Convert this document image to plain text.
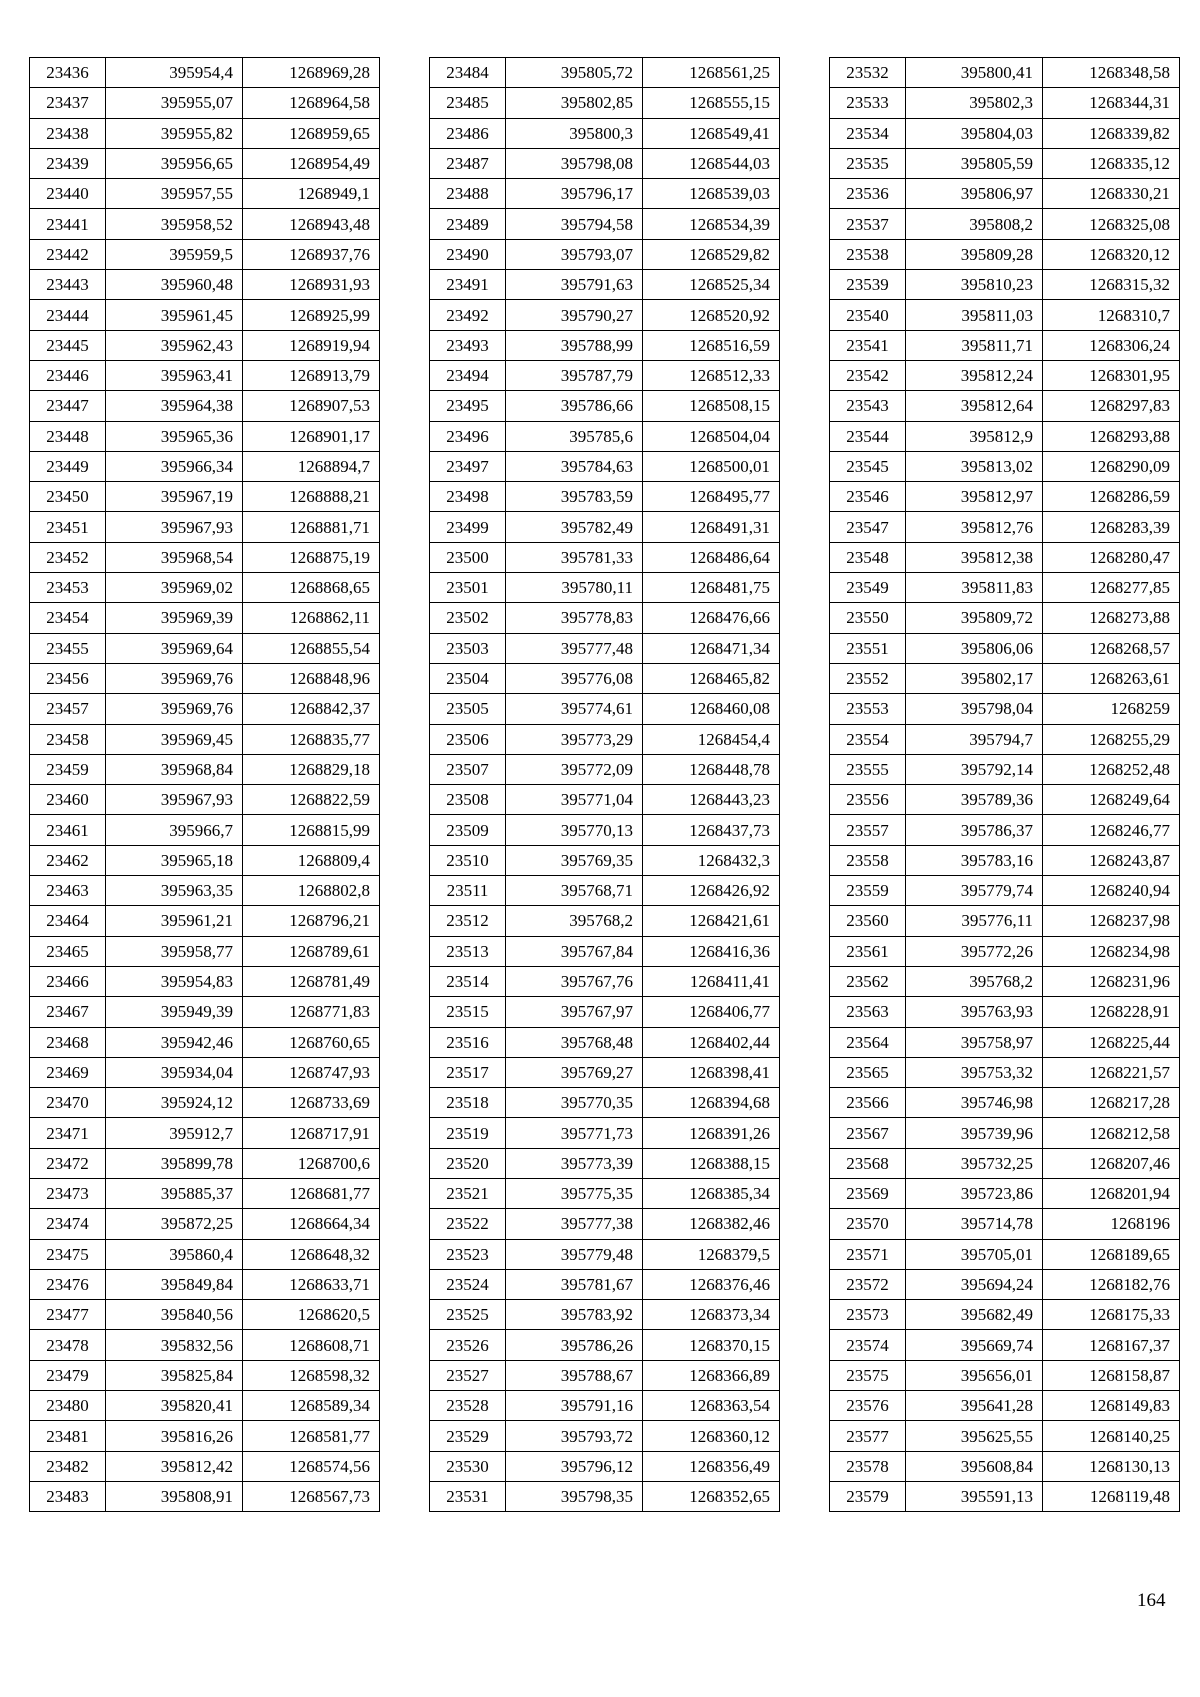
23436	395954,4	1268969,28
23437	395955,07	1268964,58
23438	395955,82	1268959,65
23439	395956,65	1268954,49
23440	395957,55	1268949,1
23441	395958,52	1268943,48
23442	395959,5	1268937,76
23443	395960,48	1268931,93
23444	395961,45	1268925,99
23445	395962,43	1268919,94
23446	395963,41	1268913,79
23447	395964,38	1268907,53
23448	395965,36	1268901,17
23449	395966,34	1268894,7
23450	395967,19	1268888,21
23451	395967,93	1268881,71
23452	395968,54	1268875,19
23453	395969,02	1268868,65
23454	395969,39	1268862,11
23455	395969,64	1268855,54
23456	395969,76	1268848,96
23457	395969,76	1268842,37
23458	395969,45	1268835,77
23459	395968,84	1268829,18
23460	395967,93	1268822,59
23461	395966,7	1268815,99
23462	395965,18	1268809,4
23463	395963,35	1268802,8
23464	395961,21	1268796,21
23465	395958,77	1268789,61
23466	395954,83	1268781,49
23467	395949,39	1268771,83
23468	395942,46	1268760,65
23469	395934,04	1268747,93
23470	395924,12	1268733,69
23471	395912,7	1268717,91
23472	395899,78	1268700,6
23473	395885,37	1268681,77
23474	395872,25	1268664,34
23475	395860,4	1268648,32
23476	395849,84	1268633,71
23477	395840,56	1268620,5
23478	395832,56	1268608,71
23479	395825,84	1268598,32
23480	395820,41	1268589,34
23481	395816,26	1268581,77
23482	395812,42	1268574,56
23483	395808,91	1268567,73
23484	395805,72	1268561,25
23485	395802,85	1268555,15
23486	395800,3	1268549,41
23487	395798,08	1268544,03
23488	395796,17	1268539,03
23489	395794,58	1268534,39
23490	395793,07	1268529,82
23491	395791,63	1268525,34
23492	395790,27	1268520,92
23493	395788,99	1268516,59
23494	395787,79	1268512,33
23495	395786,66	1268508,15
23496	395785,6	1268504,04
23497	395784,63	1268500,01
23498	395783,59	1268495,77
23499	395782,49	1268491,31
23500	395781,33	1268486,64
23501	395780,11	1268481,75
23502	395778,83	1268476,66
23503	395777,48	1268471,34
23504	395776,08	1268465,82
23505	395774,61	1268460,08
23506	395773,29	1268454,4
23507	395772,09	1268448,78
23508	395771,04	1268443,23
23509	395770,13	1268437,73
23510	395769,35	1268432,3
23511	395768,71	1268426,92
23512	395768,2	1268421,61
23513	395767,84	1268416,36
23514	395767,76	1268411,41
23515	395767,97	1268406,77
23516	395768,48	1268402,44
23517	395769,27	1268398,41
23518	395770,35	1268394,68
23519	395771,73	1268391,26
23520	395773,39	1268388,15
23521	395775,35	1268385,34
23522	395777,38	1268382,46
23523	395779,48	1268379,5
23524	395781,67	1268376,46
23525	395783,92	1268373,34
23526	395786,26	1268370,15
23527	395788,67	1268366,89
23528	395791,16	1268363,54
23529	395793,72	1268360,12
23530	395796,12	1268356,49
23531	395798,35	1268352,65
23532	395800,41	1268348,58
23533	395802,3	1268344,31
23534	395804,03	1268339,82
23535	395805,59	1268335,12
23536	395806,97	1268330,21
23537	395808,2	1268325,08
23538	395809,28	1268320,12
23539	395810,23	1268315,32
23540	395811,03	1268310,7
23541	395811,71	1268306,24
23542	395812,24	1268301,95
23543	395812,64	1268297,83
23544	395812,9	1268293,88
23545	395813,02	1268290,09
23546	395812,97	1268286,59
23547	395812,76	1268283,39
23548	395812,38	1268280,47
23549	395811,83	1268277,85
23550	395809,72	1268273,88
23551	395806,06	1268268,57
23552	395802,17	1268263,61
23553	395798,04	1268259
23554	395794,7	1268255,29
23555	395792,14	1268252,48
23556	395789,36	1268249,64
23557	395786,37	1268246,77
23558	395783,16	1268243,87
23559	395779,74	1268240,94
23560	395776,11	1268237,98
23561	395772,26	1268234,98
23562	395768,2	1268231,96
23563	395763,93	1268228,91
23564	395758,97	1268225,44
23565	395753,32	1268221,57
23566	395746,98	1268217,28
23567	395739,96	1268212,58
23568	395732,25	1268207,46
23569	395723,86	1268201,94
23570	395714,78	1268196
23571	395705,01	1268189,65
23572	395694,24	1268182,76
23573	395682,49	1268175,33
23574	395669,74	1268167,37
23575	395656,01	1268158,87
23576	395641,28	1268149,83
23577	395625,55	1268140,25
23578	395608,84	1268130,13
23579	395591,13	1268119,48
164
